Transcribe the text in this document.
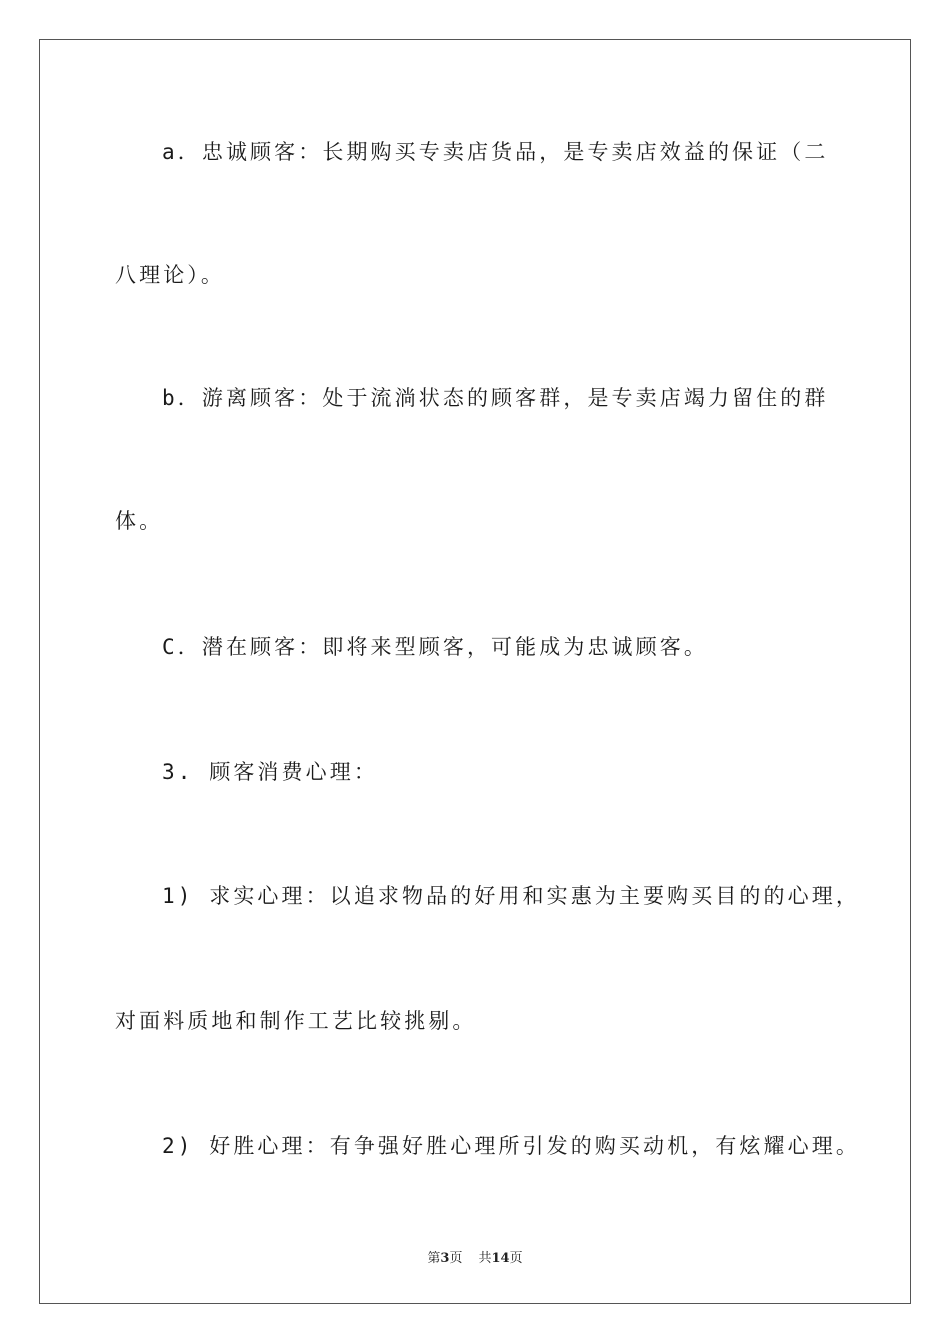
a．忠诚顾客：长期购买专卖店货品，是专卖店效益的保证（二
八理论）。
b．游离顾客：处于流淌状态的顾客群，是专卖店竭力留住的群
体。
C．潜在顾客：即将来型顾客，可能成为忠诚顾客。
3. 顾客消费心理：
1) 求实心理：以追求物品的好用和实惠为主要购买目的的心理，
对面料质地和制作工艺比较挑剔。
2) 好胜心理：有争强好胜心理所引发的购买动机，有炫耀心理。
第3页 共14页
